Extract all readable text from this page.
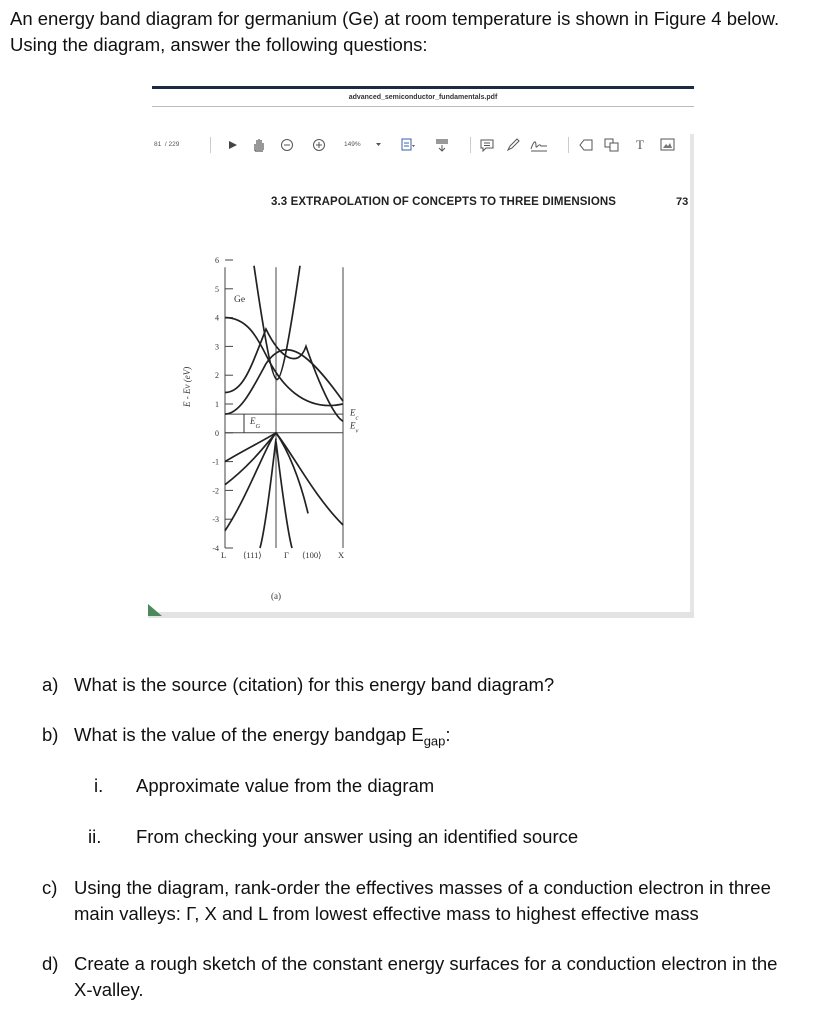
An energy band diagram for germanium (Ge) at room temperature is shown in Figure 4 below.
Using the diagram, answer the following questions:
advanced_semiconductor_fundamentals.pdf
81 / 229	149%	T
3.3 EXTRAPOLATION OF CONCEPTS TO THREE DIMENSIONS	73
6
5
4
3
2
1
0
-1
-2
-3
-4
L ⟨111⟩	Γ ⟨100⟩ X
Ge
(a)
$E_G$
$E_c$
$E_v$
E - Ev (eV)
a) What is the source (citation) for this energy band diagram?
b) What is the value of the energy bandgap $E_{gap}$:
i. Approximate value from the diagram
ii. From checking your answer using an identified source
c) Using the diagram, rank-order the effectives masses of a conduction electron in three
main valleys: Γ, X and L from lowest effective mass to highest effective mass
d) Create a rough sketch of the constant energy surfaces for a conduction electron in the
X-valley.
